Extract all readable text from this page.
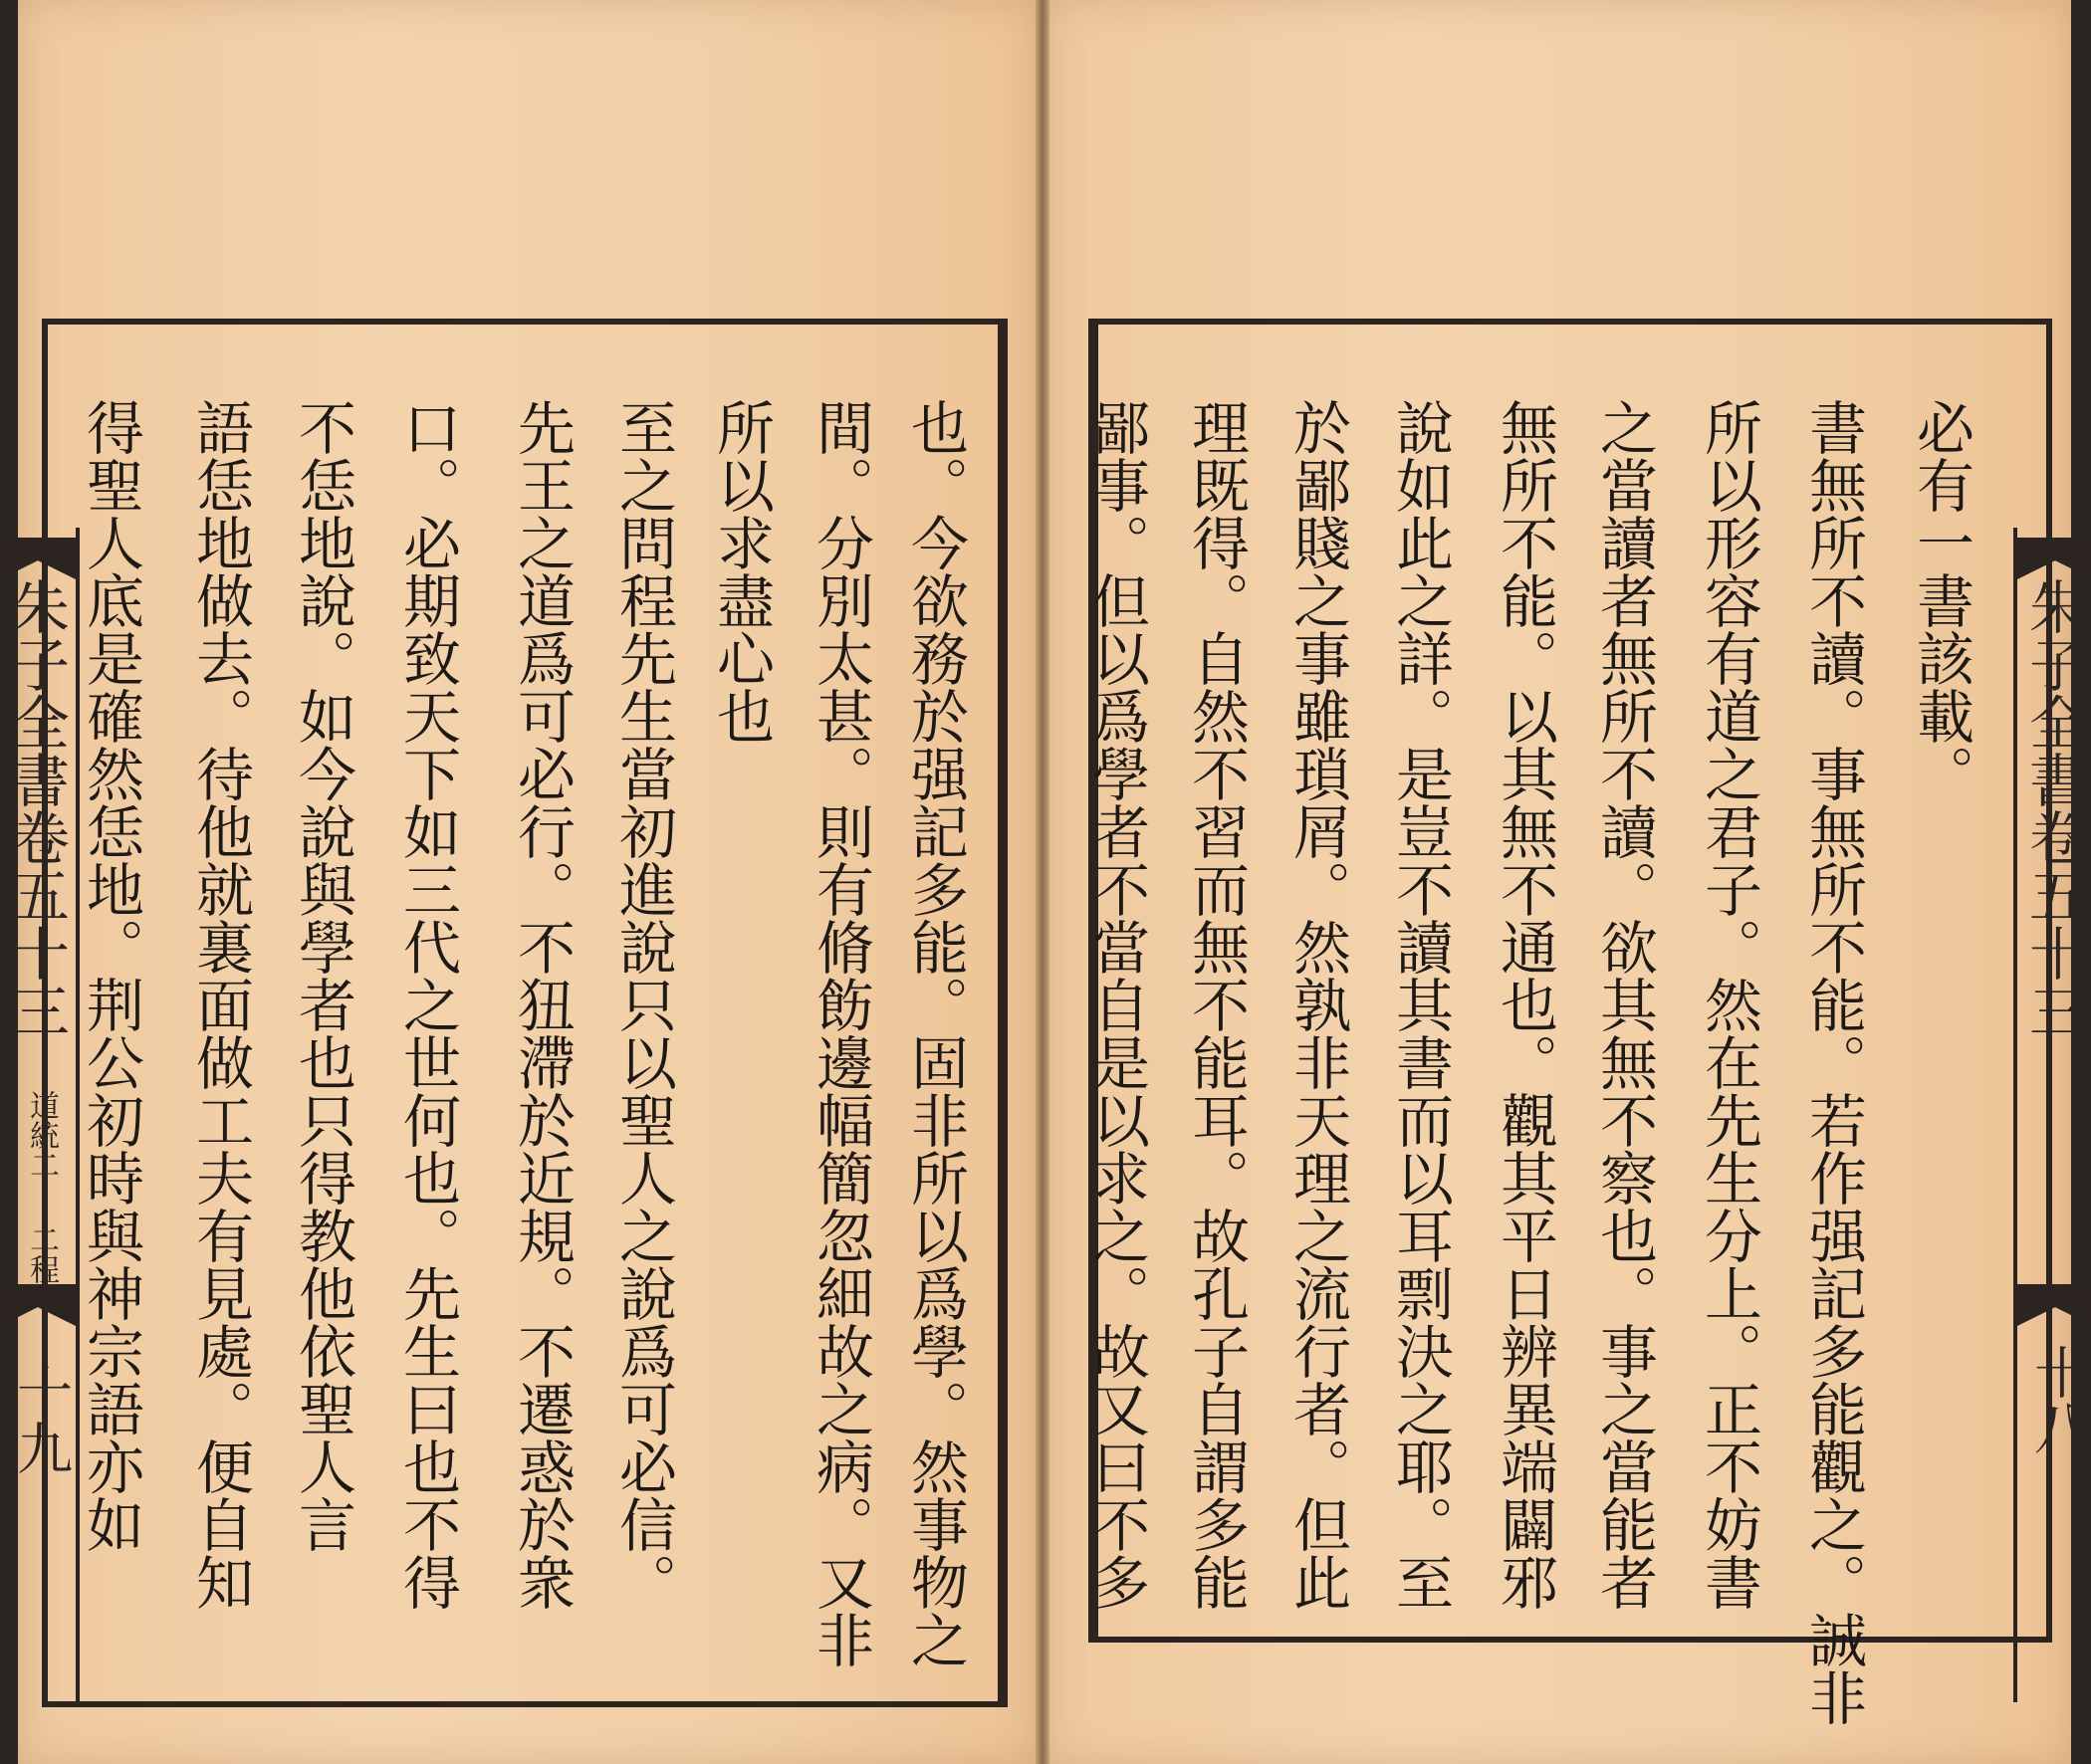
也。今欲務於强記多能。固非所以爲學。然事物之
間。分別太甚。則有脩飭邊幅簡忽細故之病。又非
所以求盡心也
至之問程先生當初進說只以聖人之說爲可必信。
先王之道爲可必行。不狃滯於近規。不遷惑於衆
口。必期致天下如三代之世何也。先生曰也不得
不恁地說。如今說與學者也只得教他依聖人言
語恁地做去。待他就裏面做工夫有見處。便自知
得聖人底是確然恁地。荆公初時與神宗語亦如
朱子全書卷五十三
道統二
二程
十九
必有一書該載。
書無所不讀。事無所不能。若作强記多能觀之。誠非
所以形容有道之君子。然在先生分上。正不妨書
之當讀者無所不讀。欲其無不察也。事之當能者
無所不能。以其無不通也。觀其平日辨異端闢邪
說如此之詳。是豈不讀其書而以耳剽決之耶。至
於鄙賤之事雖瑣屑。然孰非天理之流行者。但此
理既得。自然不習而無不能耳。故孔子自謂多能
鄙事。但以爲學者不當自是以求之。故又曰不多	朱子全書卷五十三
十八
